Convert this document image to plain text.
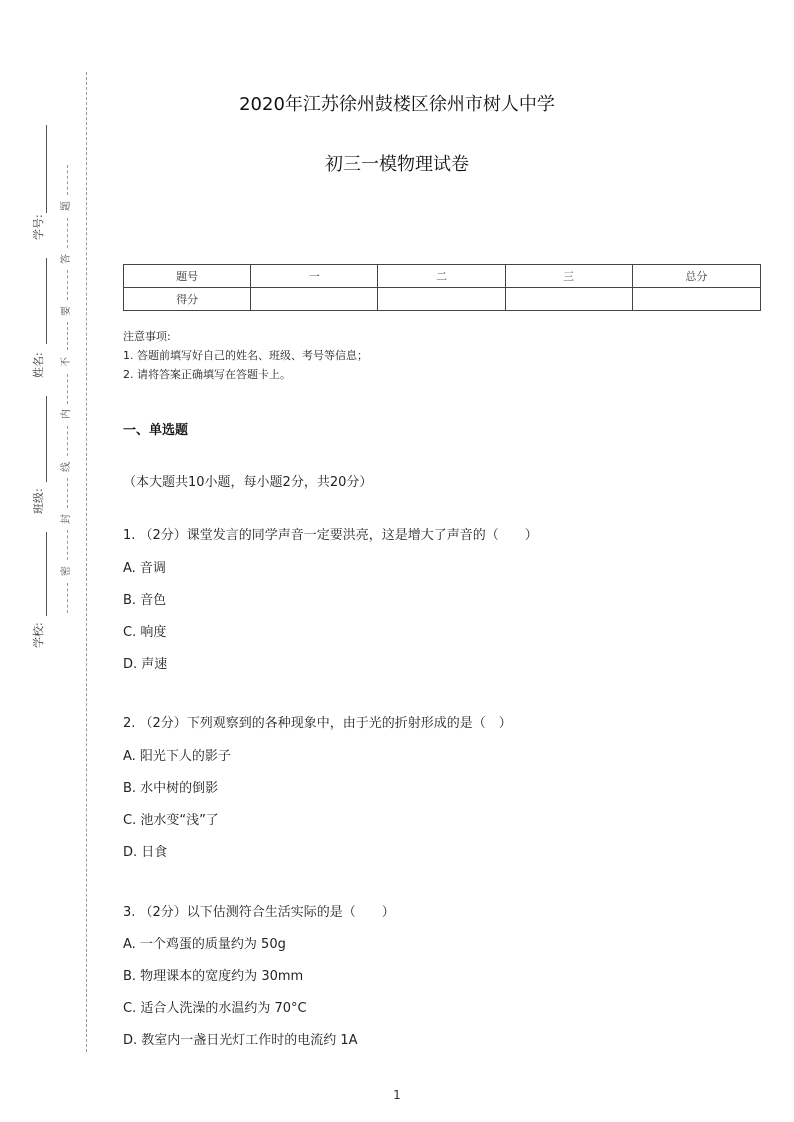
学号:
姓名:
班级:
学校:
题
答
要
不
内
线
封
密
2020年江苏徐州鼓楼区徐州市树人中学
初三一模物理试卷
题号	一	二	三	总分
得分				
注意事项:
1. 答题前填写好自己的姓名、班级、考号等信息；
2. 请将答案正确填写在答题卡上。
一、单选题
（本大题共10小题，每小题2分，共20分）
1. （2分）课堂发言的同学声音一定要洪亮，这是增大了声音的（　　）
A. 音调
B. 音色
C. 响度
D. 声速
2. （2分）下列观察到的各种现象中，由于光的折射形成的是（　）
A. 阳光下人的影子
B. 水中树的倒影
C. 池水变“浅”了
D. 日食
3. （2分）以下估测符合生活实际的是（　　）
A. 一个鸡蛋的质量约为 50g
B. 物理课本的宽度约为 30mm
C. 适合人洗澡的水温约为 70°C
D. 教室内一盏日光灯工作时的电流约 1A
1
